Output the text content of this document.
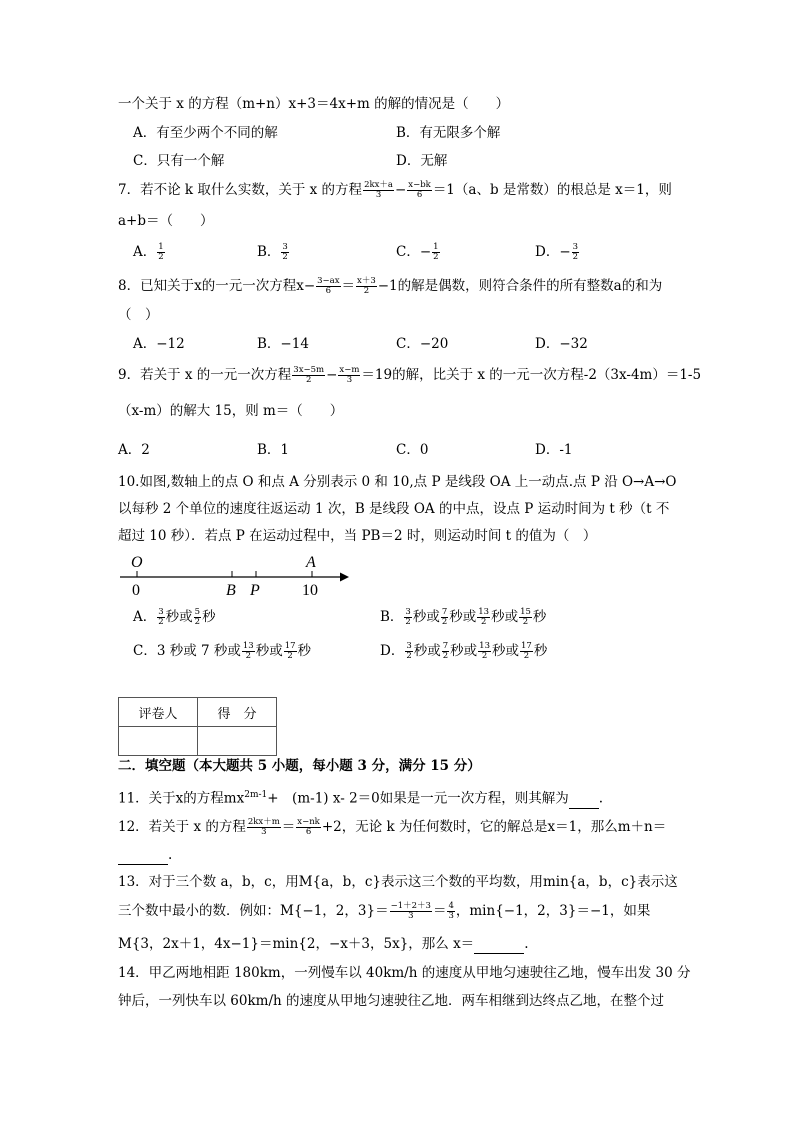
一个关于 x 的方程（m+n）x+3＝4x+m 的解的情况是（　　）
A．有至少两个不同的解	B．有无限多个解
C．只有一个解	D．无解
7．若不论 k 取什么实数，关于 x 的方程 $\frac{2kx+a}{3} - \frac{x-bk}{6} =1(a$、b 是常数）的根总是 x＝1，则
a+b＝（　　）
A． $\frac{1}{2}$	B． $\frac{3}{2}$	C．− $\frac{1}{2}$	D．− $\frac{3}{2}$
8．已知关于x的一元一次方程$x- \frac{3-ax}{6} = \frac{x+3}{2} -1$的解是偶数，则符合条件的所有整数a的和为
（　）
A．−12	B．−14	C．−20	D．−32
9．若关于 x 的一元一次方程 $\frac{3x-5m}{2} - \frac{x-m}{3} =19$的解，比关于 x 的一元一次方程-2（3x-4m）＝1-5
（x-m）的解大 15，则 m＝（　　）
A．2	B．1	C．0	D．-1
10.如图,数轴上的点 O 和点 A 分别表示 0 和 10,点 P 是线段 OA 上一动点.点 P 沿 O→A→O
以每秒 2 个单位的速度往返运动 1 次，B 是线段 OA 的中点，设点 P 运动时间为 t 秒（t 不
超过 10 秒）．若点 P 在运动过程中，当 PB＝2 时，则运动时间 t 的值为（　）
O	A
0	B P	10
A． $\frac{3}{2}$ 秒或 $\frac{5}{2}$ 秒	B． $\frac{3}{2}$ 秒或 $\frac{7}{2}$ 秒或 $\frac{13}{2}$ 秒或 $\frac{15}{2}$ 秒
C．3 秒或 7 秒或 $\frac{13}{2}$ 秒或 $\frac{17}{2}$ 秒	D． $\frac{3}{2}$ 秒或 $\frac{7}{2}$ 秒或 $\frac{13}{2}$ 秒或 $\frac{17}{2}$ 秒
评卷人	得　分

二．填空题（本大题共 5 小题，每小题 3 分，满分 15 分）
11．关于x的方程$mx^{2m-1}+$　(m-1) x- 2＝0如果是一元一次方程，则其解为 .
12．若关于 x 的方程 $\frac{2kx+m}{3} = \frac{x-nk}{6} +2$，无论 k 为任何数时，它的解总是x＝1，那么m＋n＝
.
13．对于三个数 a，b，c，用M{a，b，c}表示这三个数的平均数，用min{a，b，c}表示这
三个数中最小的数．例如：M{−1，2，$3\}= \frac{-1+2+3}{3} = \frac{4}{3}$ ，min{−1，2，3}＝−1，如果
M{3，2x＋1，4x−1}＝min{2，−x＋3，5x}，那么 x＝	.
14．甲乙两地相距 180km，一列慢车以 40km/h 的速度从甲地匀速驶往乙地，慢车出发 30 分
钟后，一列快车以 60km/h 的速度从甲地匀速驶往乙地．两车相继到达终点乙地，在整个过
